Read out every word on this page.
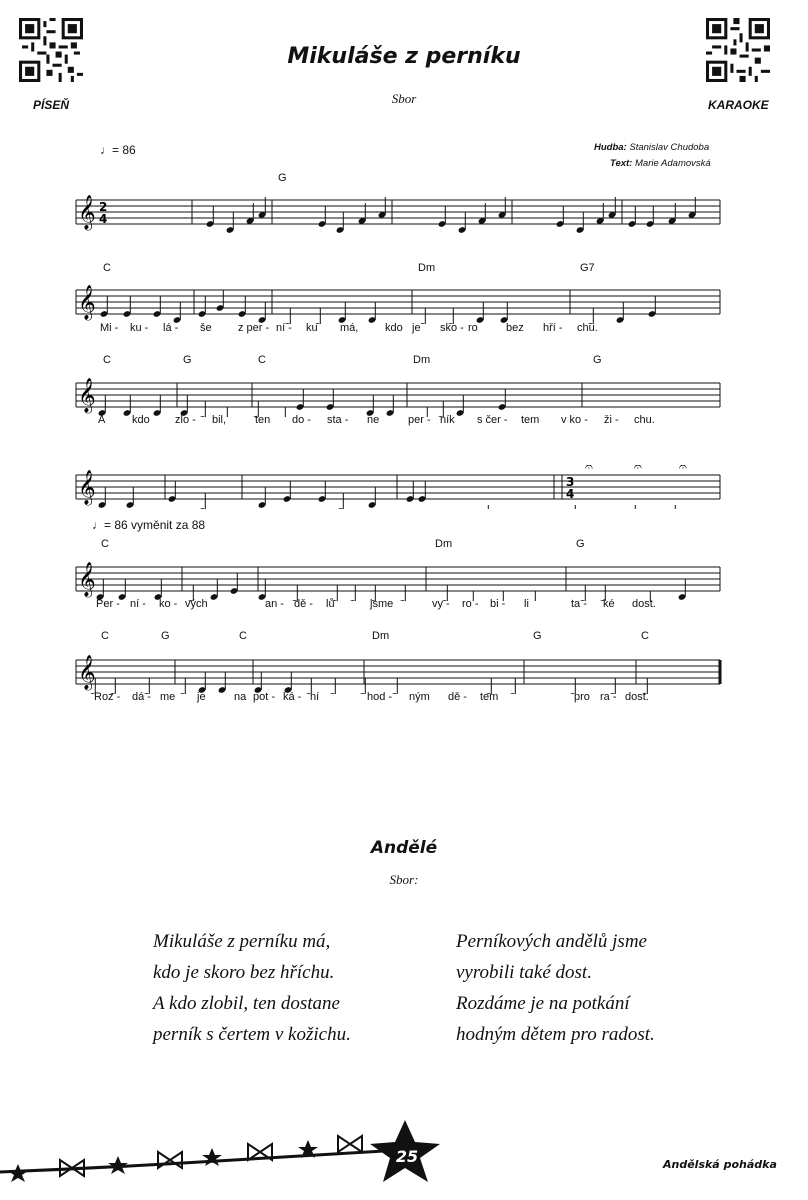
PÍSEŇ	KARAOKE
Mikuláše z perníku
Sbor
Hudba: Stanislav Chudoba
Text: Marie Adamovská
♩= 86
♩= 86 vyměnit za 88
𝄞 2
4
𝄞
𝄞
𝄞	3
4
𝄐	𝄐	𝄐
𝄞
𝄞
G
C	Dm	G7
C	G	C	Dm	G
C	Dm	G
C	G	C	Dm	G	C
Mi - ku - lá - še z per - ní - ku má, kdo je sko - ro	bez hří - chu.
A kdo zlo - bil,	ten do - sta - ne	per - ník s čer - tem v ko - ži - chu.
Per - ní - ko - vých	an - dě - lů	jsme	vy - ro - bi - li	ta - ké dost.
Roz - dá - me je	na pot - ká - ní	hod - ným dě - tem	pro ra - dost.
Andělé
Sbor:
Mikuláše z perníku má,
kdo je skoro bez hříchu.
A kdo zlobil, ten dostane
perník s čertem v kožichu.
Perníkových andělů jsme
vyrobili také dost.
Rozdáme je na potkání
hodným dětem pro radost.
25	Andělská pohádka
